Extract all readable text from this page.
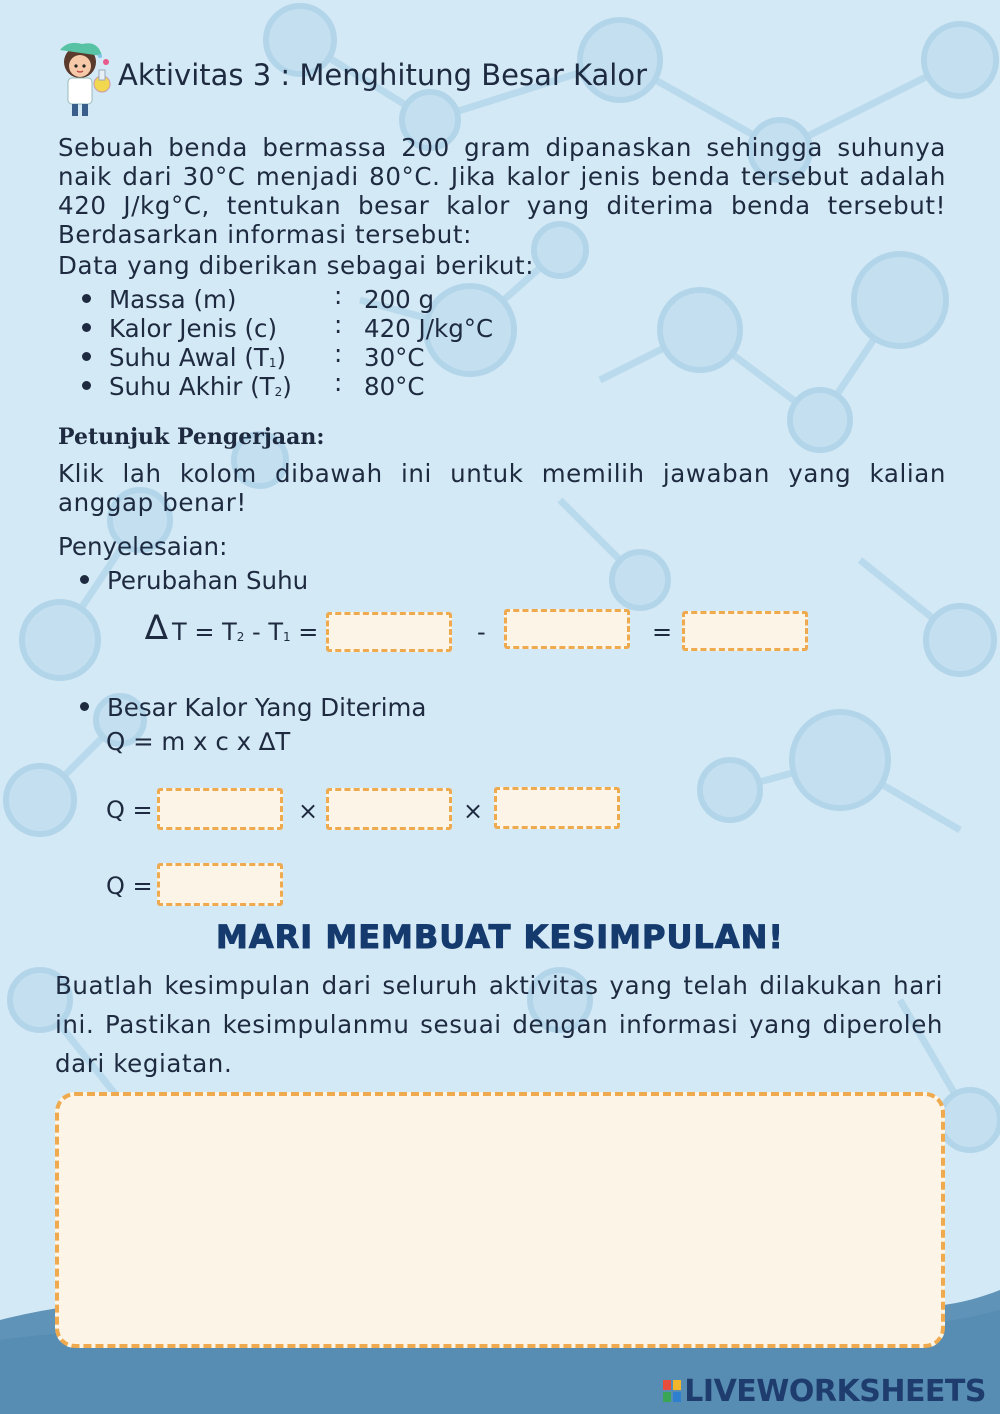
Aktivitas 3 : Menghitung Besar Kalor
Sebuah benda bermassa 200 gram dipanaskan sehingga suhunya naik dari 30°C menjadi 80°C. Jika kalor jenis benda tersebut adalah 420 J/kg°C, tentukan besar kalor yang diterima benda tersebut! Berdasarkan informasi tersebut:
Data yang diberikan sebagai berikut:
Massa (m)	: 200 g
Kalor Jenis (c) : 420 J/kg°C
Suhu Awal (T1) : 30°C
Suhu Akhir (T2) : 80°C
Petunjuk Pengerjaan:
Klik lah kolom dibawah ini untuk memilih jawaban yang kalian anggap benar!
Penyelesaian:
Perubahan Suhu
∆ T = T2 - T1 =	-	=
Besar Kalor Yang Diterima
Q = m x c x ∆T
Q =	×	×
Q =
MARI MEMBUAT KESIMPULAN!
Buatlah kesimpulan dari seluruh aktivitas yang telah dilakukan hari ini. Pastikan kesimpulanmu sesuai dengan informasi yang diperoleh dari kegiatan.
LIVEWORKSHEETS
